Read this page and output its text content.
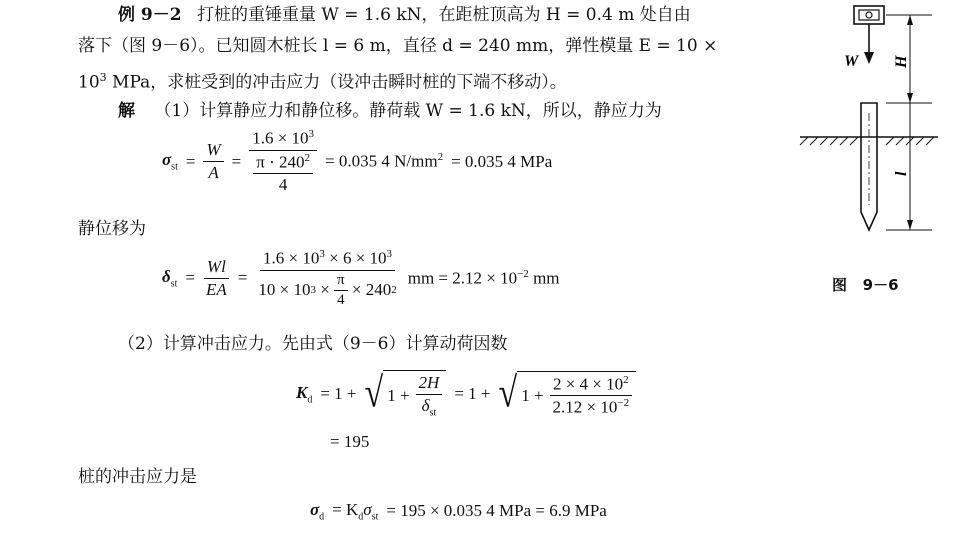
例 9－2 打桩的重锤重量 W = 1.6 kN，在距桩顶高为 H = 0.4 m 处自由
落下（图 9－6）。已知圆木桩长 l = 6 m，直径 d = 240 mm，弹性模量 E = 10 ×
$10^3$ MPa，求桩受到的冲击应力（设冲击瞬时桩的下端不移动）。
解 （1）计算静应力和静位移。静荷载 W = 1.6 kN，所以，静应力为
$\sigma_{st} = \frac{W}{A} = \frac{1.6 \times 10^3}{\frac{\pi \cdot 240^2}{4}} = 0.035$ 4 $N/mm^2 = 0.035$ 4 MPa
静位移为
$\delta_{st} = \frac{Wl}{EA} = \frac{1.6 \times 10^3 \times 6 \times 10^3}{10 \times 10 3 \times \frac{\pi}{4} \times 240 2}$ mm = $2.12 \times 10^{-2}$ mm
（2）计算冲击应力。先由式（9－6）计算动荷因数
$K_d = 1$ + √ $1 + \frac{2H}{\delta_{st}} = 1$ + √ $1 + \frac{2 \times 4 \times 10^2}{2.12 \times 10^{-2}}$
= 195
桩的冲击应力是
$\sigma_d = K_d\sigma_{st} = 195 \times 0.035$ 4 MPa = 6.9 MPa
W H
l
图   9－6
